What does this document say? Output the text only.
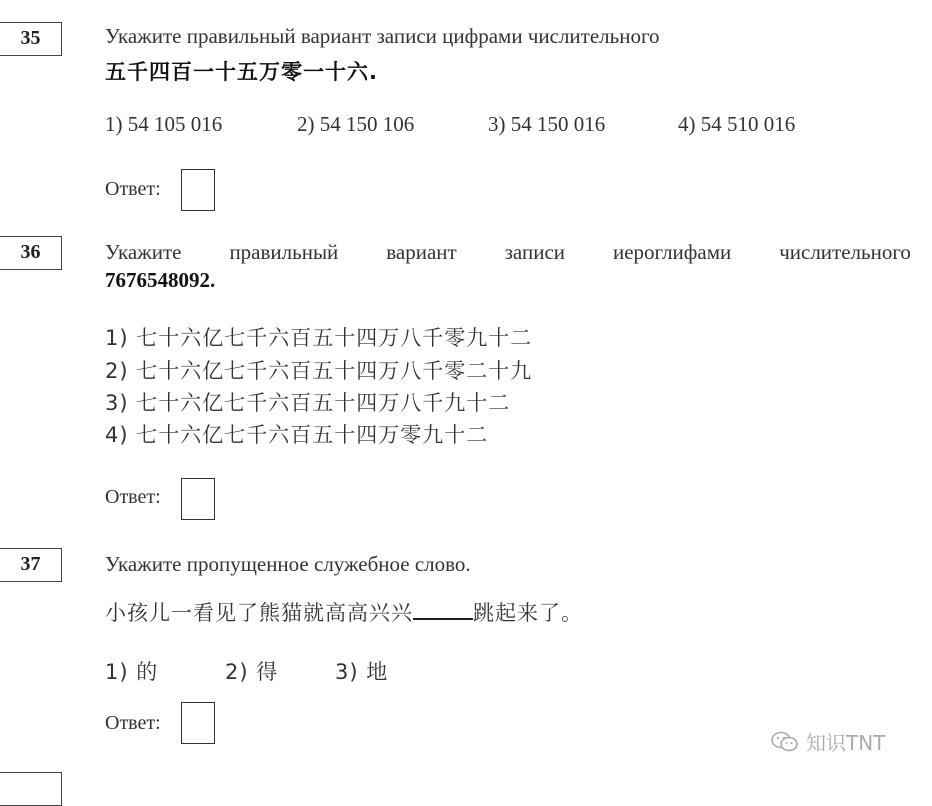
35	Укажите правильный вариант записи цифрами числительного
五千四百一十五万零一十六.
1) 54 105 016	2) 54 150 106	3) 54 150 016	4) 54 510 016
Ответ:
36	Укажите правильный вариант записи иероглифами числительного
7676548092.
1) 七十六亿七千六百五十四万八千零九十二
2) 七十六亿七千六百五十四万八千零二十九
3) 七十六亿七千六百五十四万八千九十二
4) 七十六亿七千六百五十四万零九十二
Ответ:
37	Укажите пропущенное служебное слово.
小孩儿一看见了熊猫就高高兴兴	跳起来了。
1) 的	2) 得	3) 地
Ответ:
知识TNT
